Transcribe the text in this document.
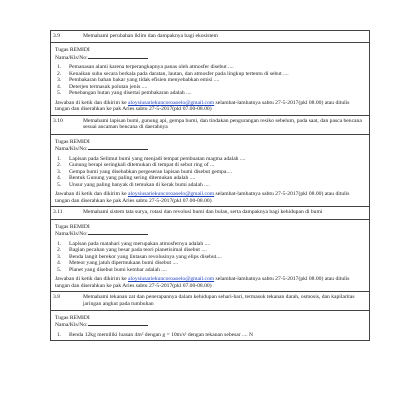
3.9	Memahami perubahan iklim dan dampaknya bagi ekosistem
Tugas REMIDI
Nama/Kls/No:
1.	Pemanasan alami karena terperangkapnya panas oleh atmosfer disebut ....
2.	Kenaikan suhu secara berkala pada daratan, lautan, dan atmosfer pada lingkup tertentu di sebut ....
3.	Pembakaran bahan bakar yang tidak efisien menyebabkan emisi ....
4.	Deterjen termasuk polutan jenis ....
5.	Penebangan hutan yang disertai pembakaran adalah ....
Jawaban di ketik dan dikirim ke aloysiusariekuncoroaoelo@gmail.com selambat-lambatnya sabtu 27-5-2017(pkl 08.00) atau ditulis tangan dan diserahkan ke pak Aries sabtu 27-5-2017(pkl 07.00-08.00)
3.10	Memahami lapisan bumi, gunung api, gempa bumi, dan tindakan pengurangan resiko sebelum, pada saat, dan pasca bencana sesuai ancaman bencana di daerahnya
Tugas REMIDI
Nama/Kls/No:
1.	Lapisan pada Selimut bumi yang menjadi tempat pembuatan magma adalah ....
2.	Gunung berapi seringkali ditemukan di tempat di sebut ring of ...
3.	Gempa bumi yang disebabkan pergeseran lapisan bumi disebut gempa....
4.	Bentuk Gunung yang paling sering ditemukan adalah ....
5.	Unsur yang paling banyak di temukan di kerak bumi adalah ....
Jawaban di ketik dan dikirim ke aloysiusariekuncoroaoelo@gmail.com selambat-lambatnya sabtu 27-5-2017(pkl 08.00) atau ditulis tangan dan diserahkan ke pak Aries sabtu 27-5-2017(pkl 07.00-08.00)
3.11	Memahami sistem tata surya, rotasi dan revolusi bumi dan bulan, serta dampaknya bagi kehidupan di bumi
Tugas REMIDI
Nama/Kls/No:
1.	Lapisan pada matahari yang merupakan atmosfernya adalah ....
2.	Bagian pecahan yang besar pada teori planetisimal disebut ....
3.	Benda langit berekor yang lintasan revolusinya yang elips disebut....
4.	Meteor yang jatuh dipermukaan bumi disebut ....
5.	Planet yang disebut bumi kembar adalah ....
Jawaban di ketik dan dikirim ke aloysiusariekuncoroaoelo@gmail.com selambat-lambatnya sabtu 27-5-2017(pkl 08.00) atau ditulis tangan dan diserahkan ke pak Aries sabtu 27-5-2017(pkl 07.00-08.00)
3.8	Memahami tekanan zat dan penerapannya dalam kehidupan sehari-hari, termasuk tekanan darah, osmosis, dan kapilaritas jaringan angkut pada tumbuhan
Tugas REMIDI
Nama/Kls/No:
1.	Benda 12kg memiliki luasan 4m² dengan g = 10m/s² dengan tekanan sebesar .... N
